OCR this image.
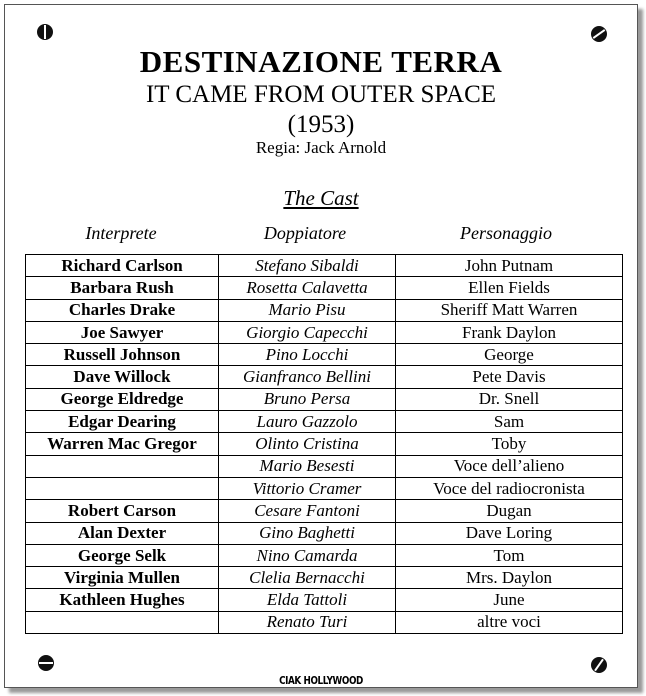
DESTINAZIONE TERRA
IT CAME FROM OUTER SPACE
(1953)
Regia: Jack Arnold
The Cast
Interprete	Doppiatore	Personaggio
Richard Carlson	Stefano Sibaldi	John Putnam
Barbara Rush	Rosetta Calavetta	Ellen Fields
Charles Drake	Mario Pisu	Sheriff Matt Warren
Joe Sawyer	Giorgio Capecchi	Frank Daylon
Russell Johnson	Pino Locchi	George
Dave Willock	Gianfranco Bellini	Pete Davis
George Eldredge	Bruno Persa	Dr. Snell
Edgar Dearing	Lauro Gazzolo	Sam
Warren Mac Gregor	Olinto Cristina	Toby
	Mario Besesti	Voce dell’alieno
	Vittorio Cramer	Voce del radiocronista
Robert Carson	Cesare Fantoni	Dugan
Alan Dexter	Gino Baghetti	Dave Loring
George Selk	Nino Camarda	Tom
Virginia Mullen	Clelia Bernacchi	Mrs. Daylon
Kathleen Hughes	Elda Tattoli	June
	Renato Turi	altre voci
CIAK HOLLYWOOD
